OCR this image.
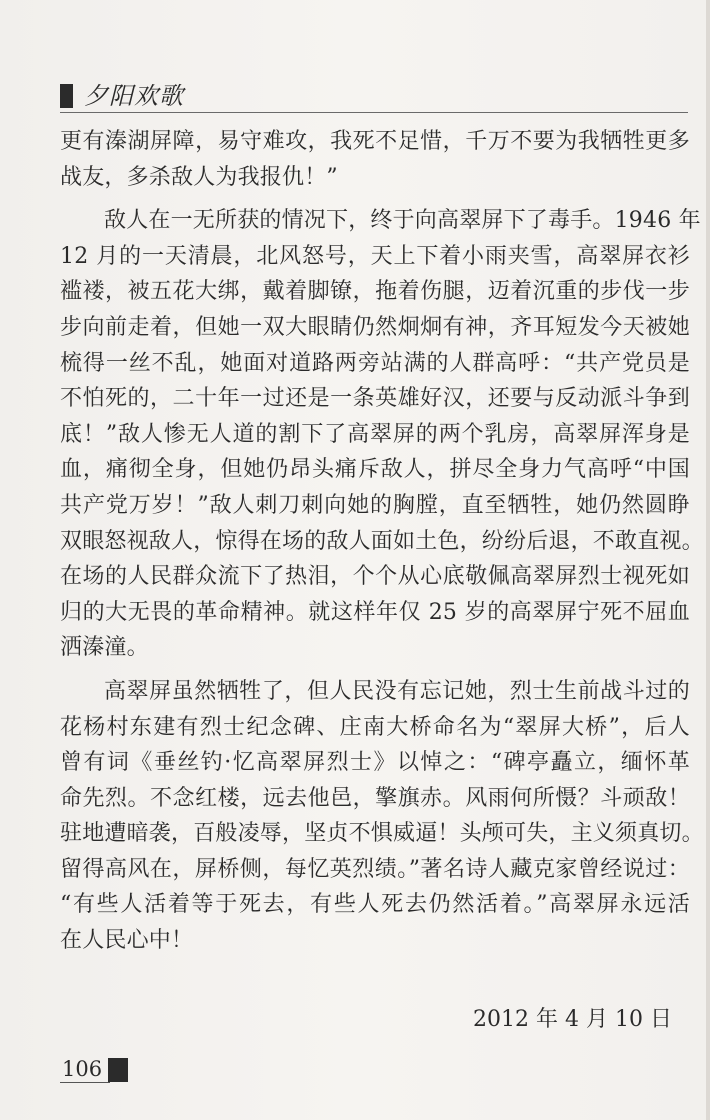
夕阳欢歌
更有溱湖屏障，易守难攻，我死不足惜，千万不要为我牺牲更多
战友，多杀敌人为我报仇！”
敌人在一无所获的情况下，终于向高翠屏下了毒手。1946 年
12 月的一天清晨，北风怒号，天上下着小雨夹雪，高翠屏衣衫
褴褛，被五花大绑，戴着脚镣，拖着伤腿，迈着沉重的步伐一步
步向前走着，但她一双大眼睛仍然炯炯有神，齐耳短发今天被她
梳得一丝不乱，她面对道路两旁站满的人群高呼：“共产党员是
不怕死的，二十年一过还是一条英雄好汉，还要与反动派斗争到
底！”敌人惨无人道的割下了高翠屏的两个乳房，高翠屏浑身是
血，痛彻全身，但她仍昂头痛斥敌人，拼尽全身力气高呼“中国
共产党万岁！”敌人刺刀刺向她的胸膛，直至牺牲，她仍然圆睁
双眼怒视敌人，惊得在场的敌人面如土色，纷纷后退，不敢直视。
在场的人民群众流下了热泪，个个从心底敬佩高翠屏烈士视死如
归的大无畏的革命精神。就这样年仅 25 岁的高翠屏宁死不屈血
洒溱潼。
高翠屏虽然牺牲了，但人民没有忘记她，烈士生前战斗过的
花杨村东建有烈士纪念碑、庄南大桥命名为“翠屏大桥”，后人
曾有词《垂丝钓·忆高翠屏烈士》以悼之：“碑亭矗立，缅怀革
命先烈。不念红楼，远去他邑，擎旗赤。风雨何所慑？斗顽敌！
驻地遭暗袭，百般凌辱，坚贞不惧威逼！头颅可失，主义须真切。
留得高风在，屏桥侧，每忆英烈绩。”著名诗人藏克家曾经说过：
“有些人活着等于死去，有些人死去仍然活着。”高翠屏永远活
在人民心中！
2012 年 4 月 10 日
106
